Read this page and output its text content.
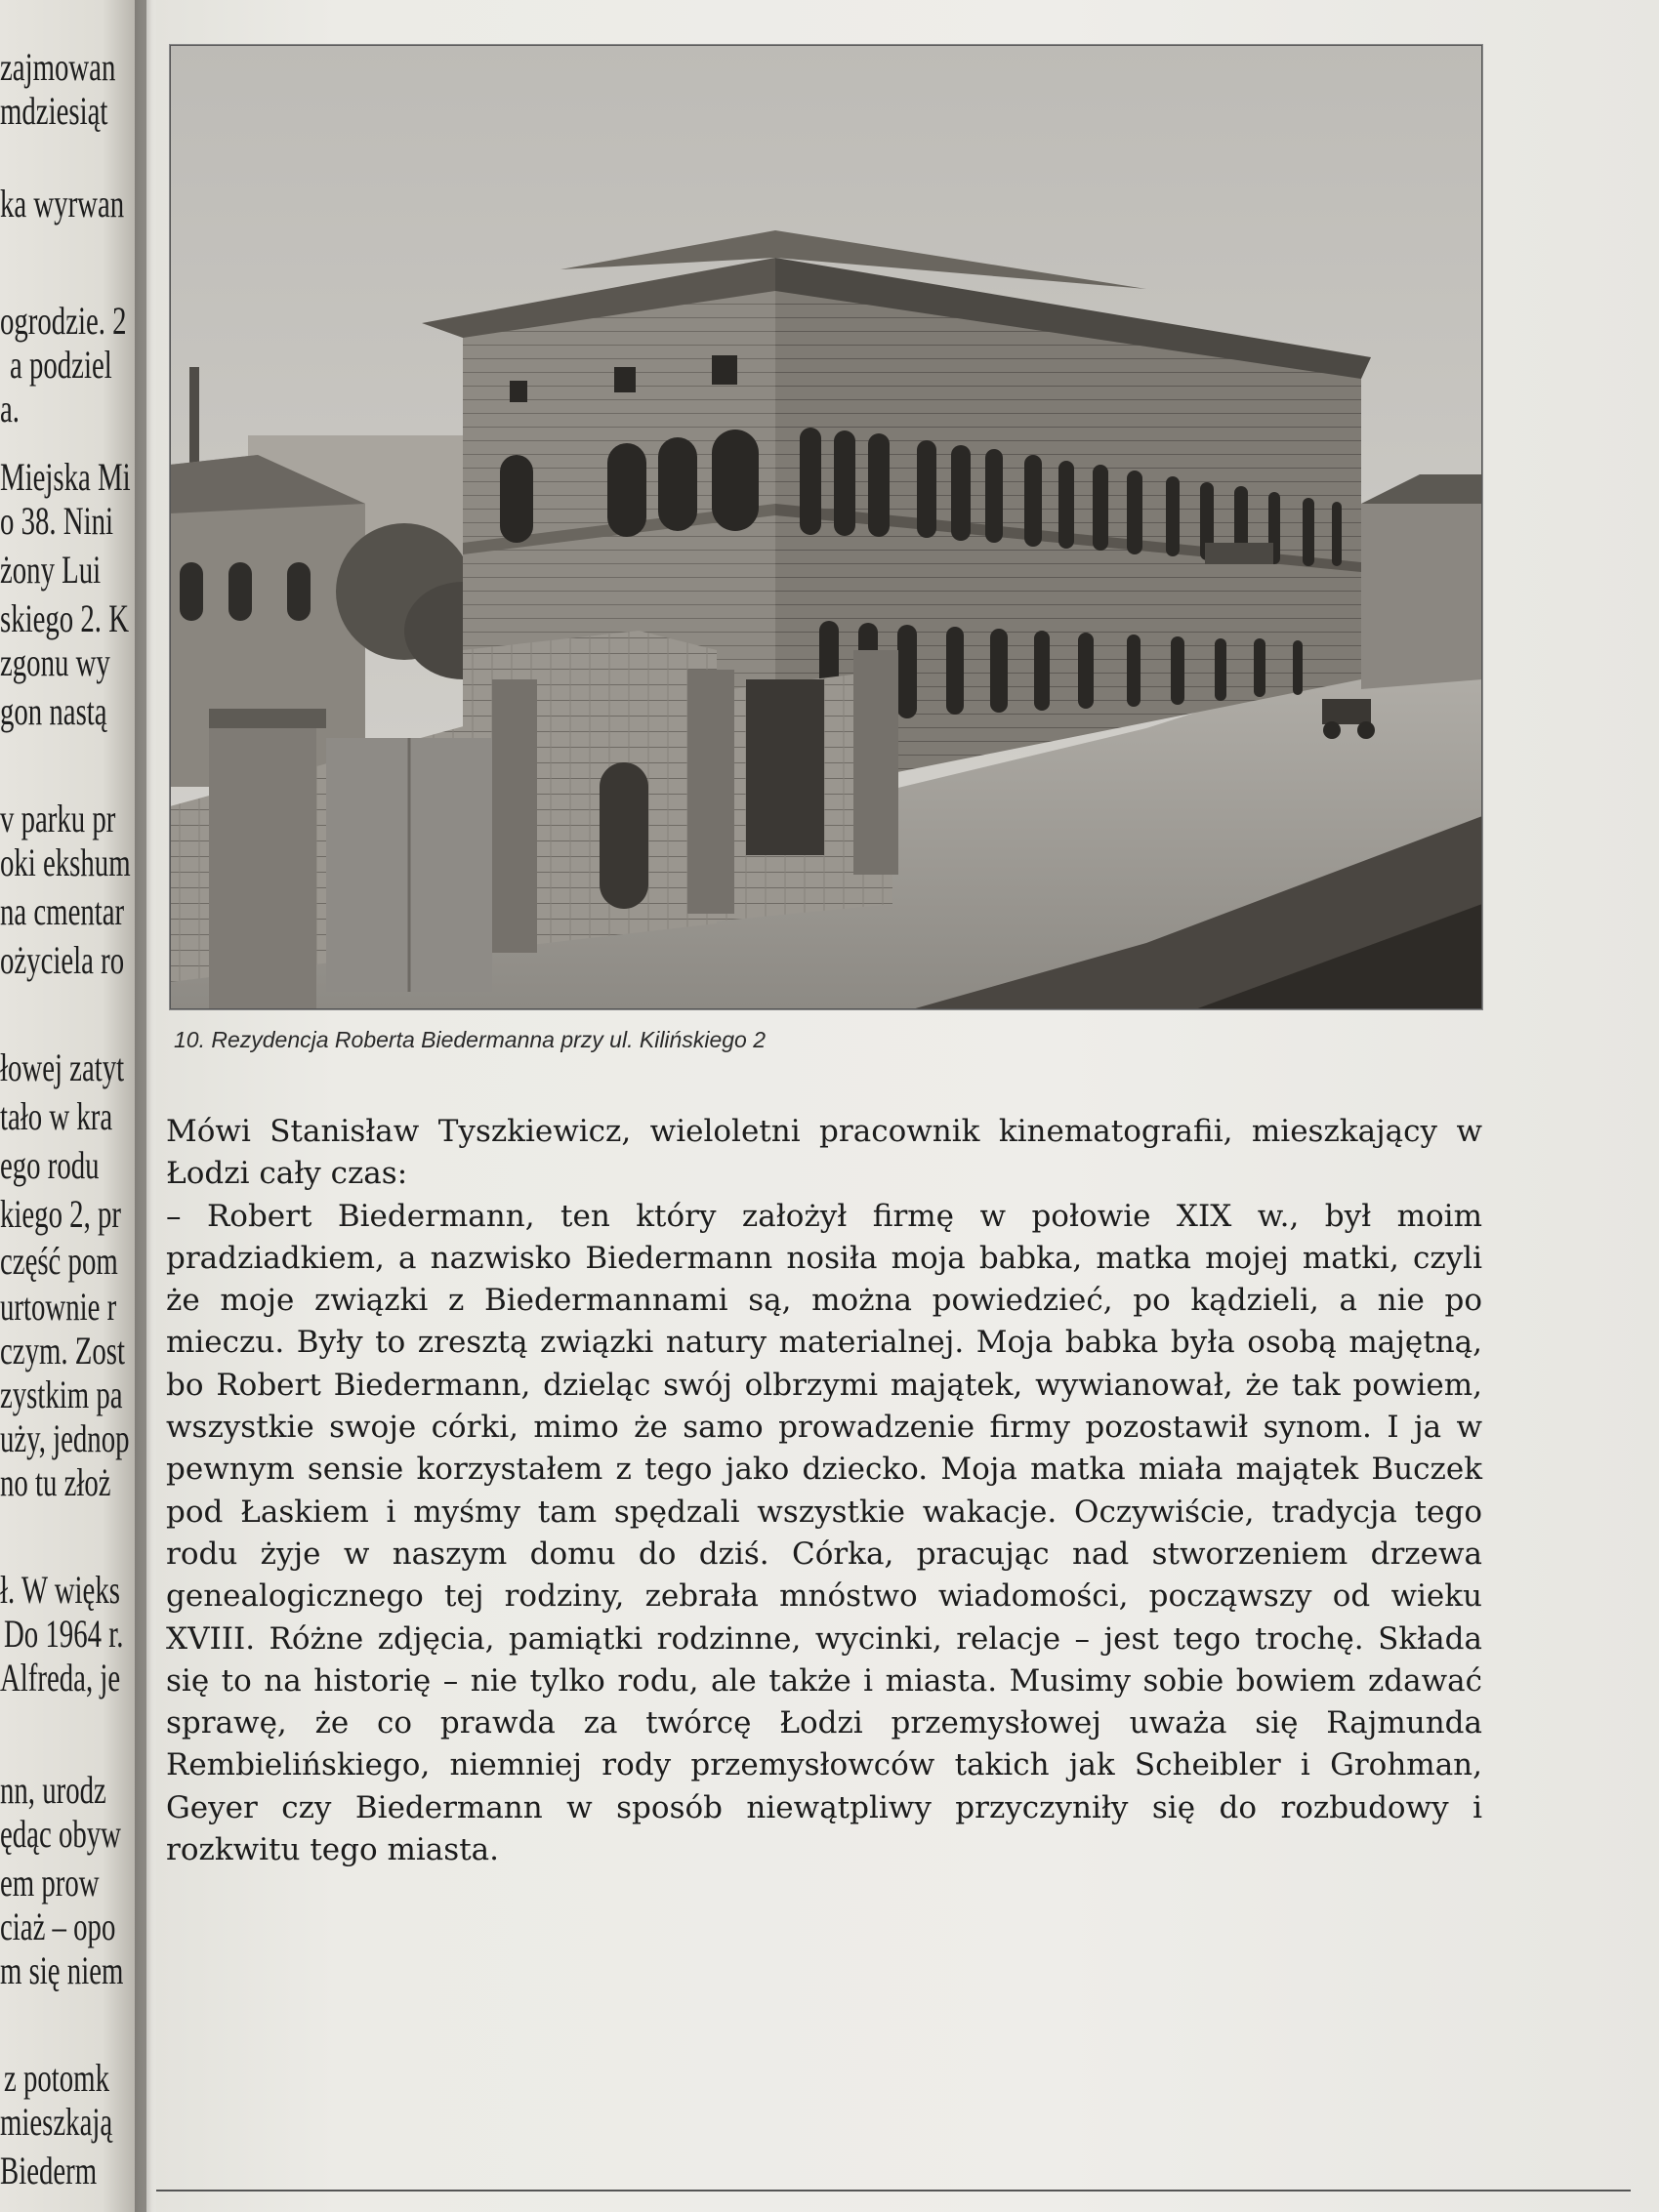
zajmowan
mdziesiąt
ka wyrwan
ogrodzie. 2
a podziel
a.
Miejska Mi
o 38. Nini
żony Lui
skiego 2. K
zgonu wy
gon nastą
v parku pr
oki ekshum
na cmentar
ożyciela ro
łowej zatyt
tało w kra
ego rodu
kiego 2, pr
część pom
urtownie r
czym. Zost
zystkim pa
uży, jednop
no tu złoż
ł. W więks
Do 1964 r.
Alfreda, je
nn, urodz
ędąc obyw
em prow
ciaż – opo
m się niem
z potomk
mieszkają
Biederm
10. Rezydencja Roberta Biedermanna przy ul. Kilińskiego 2

Mówi Stanisław Tyszkiewicz, wieloletni pracownik kinematografii, mieszkający w Łodzi cały czas:

– Robert Biedermann, ten który założył firmę w połowie XIX w., był moim pradziadkiem, a nazwisko Biedermann nosiła moja babka, matka mojej matki, czyli że moje związki z Biedermannami są, można powiedzieć, po kądzieli, a nie po mieczu. Były to zresztą związki natury materialnej. Moja babka była osobą majętną, bo Robert Biedermann, dzieląc swój olbrzymi majątek, wywianował, że tak powiem, wszystkie swoje córki, mimo że samo prowadzenie firmy pozostawił synom. I ja w pewnym sensie korzystałem z tego jako dziecko. Moja matka miała majątek Buczek pod Łaskiem i myśmy tam spędzali wszystkie wakacje. Oczywiście, tradycja tego rodu żyje w naszym domu do dziś. Córka, pracując nad stworzeniem drzewa genealogicznego tej rodziny, zebrała mnóstwo wiadomości, począwszy od wieku XVIII. Różne zdjęcia, pamiątki rodzinne, wycinki, relacje – jest tego trochę. Składa się to na historię – nie tylko rodu, ale także i miasta. Musimy sobie bowiem zdawać sprawę, że co prawda za twórcę Łodzi przemysłowej uważa się Rajmunda Rembielińskiego, niemniej rody przemysłowców takich jak Scheibler i Grohman, Geyer czy Biedermann w sposób niewątpliwy przyczyniły się do rozbudowy i rozkwitu tego miasta.
